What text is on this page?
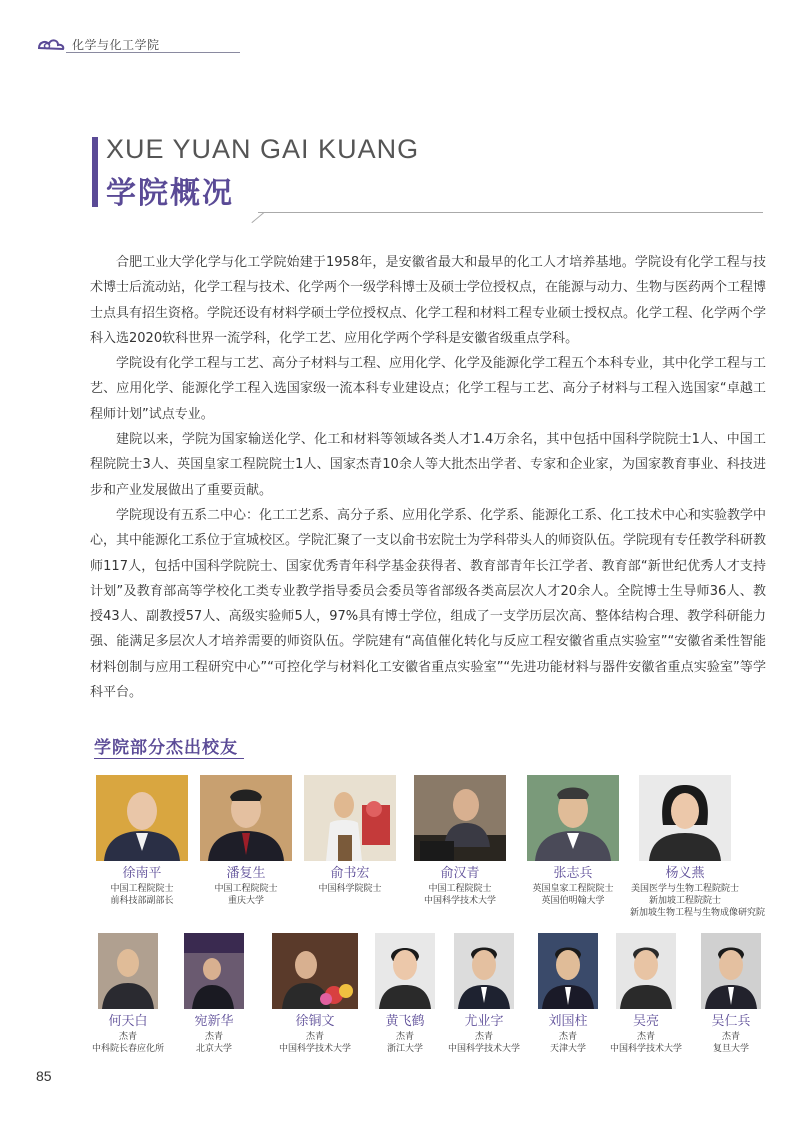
化学与化工学院
XUE YUAN GAI KUANG
学院概况

合肥工业大学化学与化工学院始建于1958年，是安徽省最大和最早的化工人才培养基地。学院设有化学工程与技术博士后流动站，化学工程与技术、化学两个一级学科博士及硕士学位授权点，在能源与动力、生物与医药两个工程博士点具有招生资格。学院还设有材料学硕士学位授权点、化学工程和材料工程专业硕士授权点。化学工程、化学两个学科入选2020软科世界一流学科，化学工艺、应用化学两个学科是安徽省级重点学科。

学院设有化学工程与工艺、高分子材料与工程、应用化学、化学及能源化学工程五个本科专业，其中化学工程与工艺、应用化学、能源化学工程入选国家级一流本科专业建设点；化学工程与工艺、高分子材料与工程入选国家“卓越工程师计划”试点专业。

建院以来，学院为国家输送化学、化工和材料等领域各类人才1.4万余名，其中包括中国科学院院士1人、中国工程院院士3人、英国皇家工程院院士1人、国家杰青10余人等大批杰出学者、专家和企业家，为国家教育事业、科技进步和产业发展做出了重要贡献。

学院现设有五系二中心：化工工艺系、高分子系、应用化学系、化学系、能源化工系、化工技术中心和实验教学中心，其中能源化工系位于宣城校区。学院汇聚了一支以俞书宏院士为学科带头人的师资队伍。学院现有专任教学科研教师117人，包括中国科学院院士、国家优秀青年科学基金获得者、教育部青年长江学者、教育部“新世纪优秀人才支持计划”及教育部高等学校化工类专业教学指导委员会委员等省部级各类高层次人才20余人。全院博士生导师36人、教授43人、副教授57人、高级实验师5人，97%具有博士学位，组成了一支学历层次高、整体结构合理、教学科研能力强、能满足多层次人才培养需要的师资队伍。学院建有“高值催化转化与反应工程安徽省重点实验室”“安徽省柔性智能材料创制与应用工程研究中心”“可控化学与材料化工安徽省重点实验室”“先进功能材料与器件安徽省重点实验室”等学科平台。

学院部分杰出校友
徐南平
中国工程院院士
前科技部副部长
潘复生
中国工程院院士
重庆大学
俞书宏
中国科学院院士
俞汉青
中国工程院院士
中国科学技术大学
张志兵
英国皇家工程院院士
英国伯明翰大学
杨义燕
美国医学与生物工程院院士
新加坡工程院院士
新加坡生物工程与生物成像研究院
何天白
杰青
中科院长春应化所
宛新华
杰青
北京大学
徐铜文
杰青
中国科学技术大学
黄飞鹤
杰青
浙江大学
尤业字
杰青
中国科学技术大学
刘国柱
杰青
天津大学
吴亮
杰青
中国科学技术大学
吴仁兵
杰青
复旦大学
85
